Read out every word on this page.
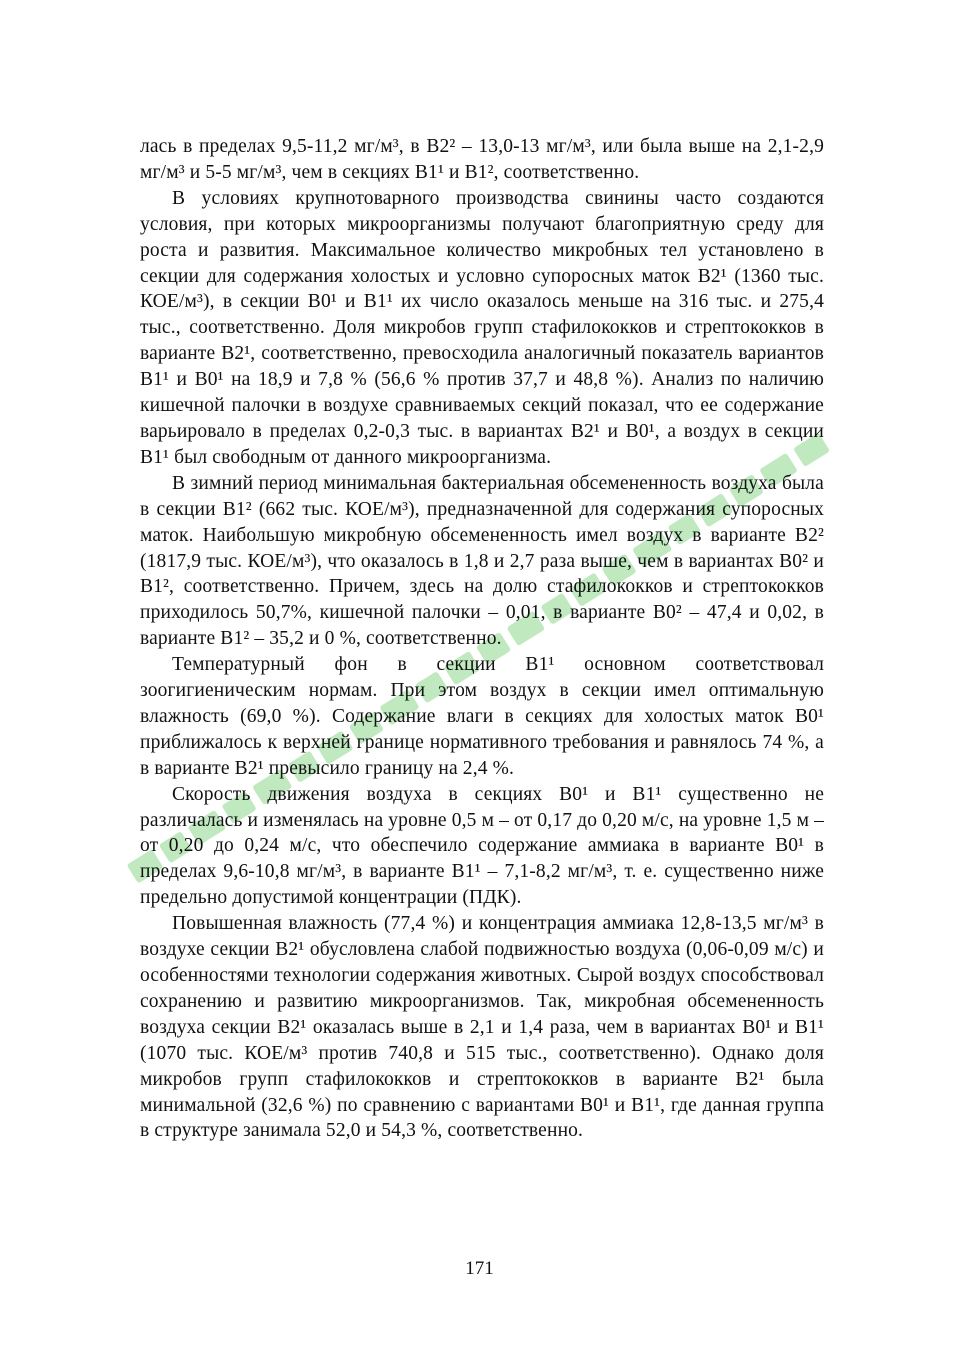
лась в пределах 9,5-11,2 мг/м³, в В2² – 13,0-13 мг/м³, или была выше на 2,1-2,9 мг/м³ и 5-5 мг/м³, чем в секциях В1¹ и В1², соответственно.

В условиях крупнотоварного производства свинины часто создаются условия, при которых микроорганизмы получают благоприятную среду для роста и развития. Максимальное количество микробных тел установлено в секции для содержания холостых и условно супоросных маток В2¹ (1360 тыс. КОЕ/м³), в секции В0¹ и В1¹ их число оказалось меньше на 316 тыс. и 275,4 тыс., соответственно. Доля микробов групп стафилококков и стрептококков в варианте В2¹, соответственно, превосходила аналогичный показатель вариантов В1¹ и В0¹ на 18,9 и 7,8 % (56,6 % против 37,7 и 48,8 %). Анализ по наличию кишечной палочки в воздухе сравниваемых секций показал, что ее содержание варьировало в пределах 0,2-0,3 тыс. в вариантах В2¹ и В0¹, а воздух в секции В1¹ был свободным от данного микроорганизма.

В зимний период минимальная бактериальная обсемененность воздуха была в секции В1² (662 тыс. КОЕ/м³), предназначенной для содержания супоросных маток. Наибольшую микробную обсемененность имел воздух в варианте В2² (1817,9 тыс. КОЕ/м³), что оказалось в 1,8 и 2,7 раза выше, чем в вариантах В0² и В1², соответственно. Причем, здесь на долю стафилококков и стрептококков приходилось 50,7%, кишечной палочки – 0,01, в варианте В0² – 47,4 и 0,02, в варианте В1² – 35,2 и 0 %, соответственно.

Температурный фон в секции В1¹ основном соответствовал зоогигиеническим нормам. При этом воздух в секции имел оптимальную влажность (69,0 %). Содержание влаги в секциях для холостых маток В0¹ приближалось к верхней границе нормативного требования и равнялось 74 %, а в варианте В2¹ превысило границу на 2,4 %.

Скорость движения воздуха в секциях В0¹ и В1¹ существенно не различалась и изменялась на уровне 0,5 м – от 0,17 до 0,20 м/с, на уровне 1,5 м – от 0,20 до 0,24 м/с, что обеспечило содержание аммиака в варианте В0¹ в пределах 9,6-10,8 мг/м³, в варианте В1¹ – 7,1-8,2 мг/м³, т. е. существенно ниже предельно допустимой концентрации (ПДК).

Повышенная влажность (77,4 %) и концентрация аммиака 12,8-13,5 мг/м³ в воздухе секции В2¹ обусловлена слабой подвижностью воздуха (0,06-0,09 м/с) и особенностями технологии содержания животных. Сырой воздух способствовал сохранению и развитию микроорганизмов. Так, микробная обсемененность воздуха секции В2¹ оказалась выше в 2,1 и 1,4 раза, чем в вариантах В0¹ и В1¹ (1070 тыс. КОЕ/м³ против 740,8 и 515 тыс., соответственно). Однако доля микробов групп стафилококков и стрептококков в варианте В2¹ была минимальной (32,6 %) по сравнению с вариантами В0¹ и В1¹, где данная группа в структуре занимала 52,0 и 54,3 %, соответственно.

171
